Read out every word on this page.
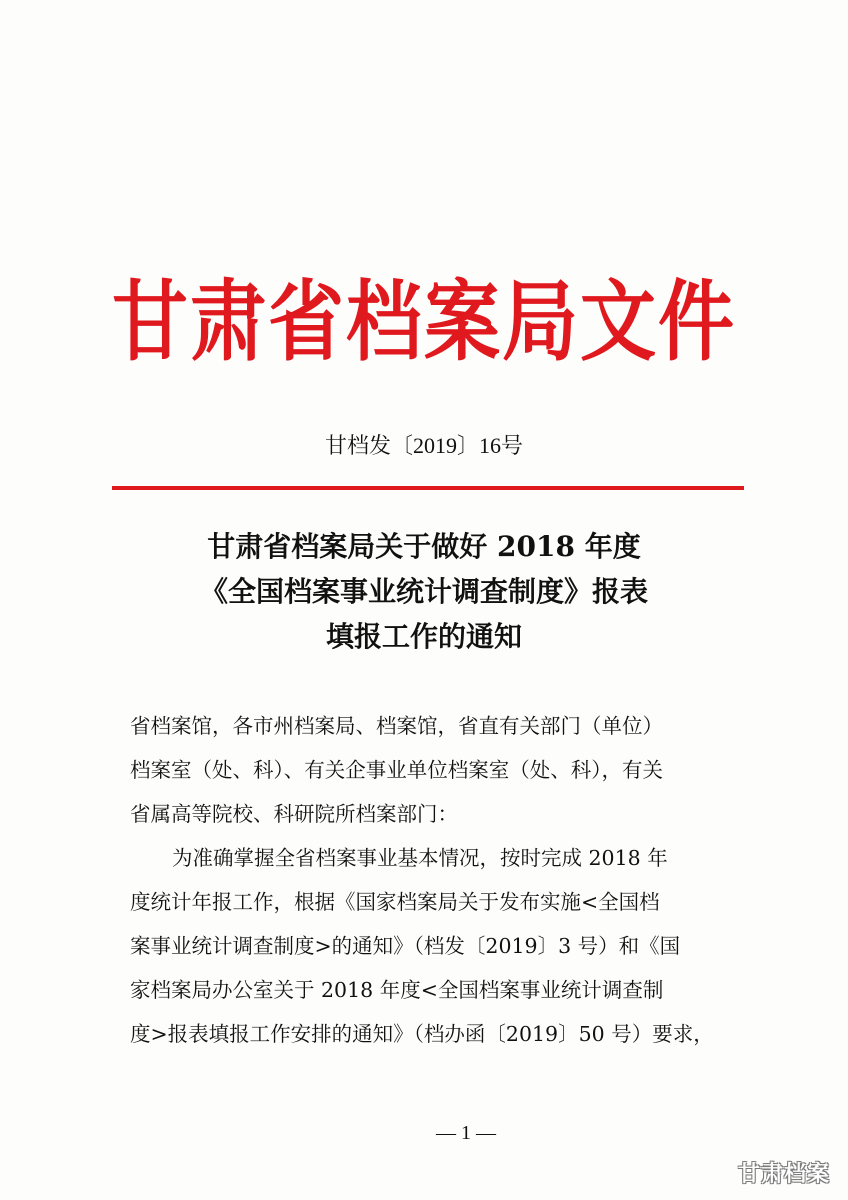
甘肃省档案局文件
甘档发〔2019〕16号
甘肃省档案局关于做好 2018 年度
《全国档案事业统计调查制度》报表
填报工作的通知
省档案馆，各市州档案局、档案馆，省直有关部门（单位）
档案室（处、科）、有关企事业单位档案室（处、科），有关
省属高等院校、科研院所档案部门：
为准确掌握全省档案事业基本情况，按时完成 2018 年
度统计年报工作，根据《国家档案局关于发布实施<全国档
案事业统计调查制度>的通知》（档发〔2019〕3 号）和《国
家档案局办公室关于 2018 年度<全国档案事业统计调查制
度>报表填报工作安排的通知》（档办函〔2019〕50 号）要求，
— 1 —
甘肃档案
